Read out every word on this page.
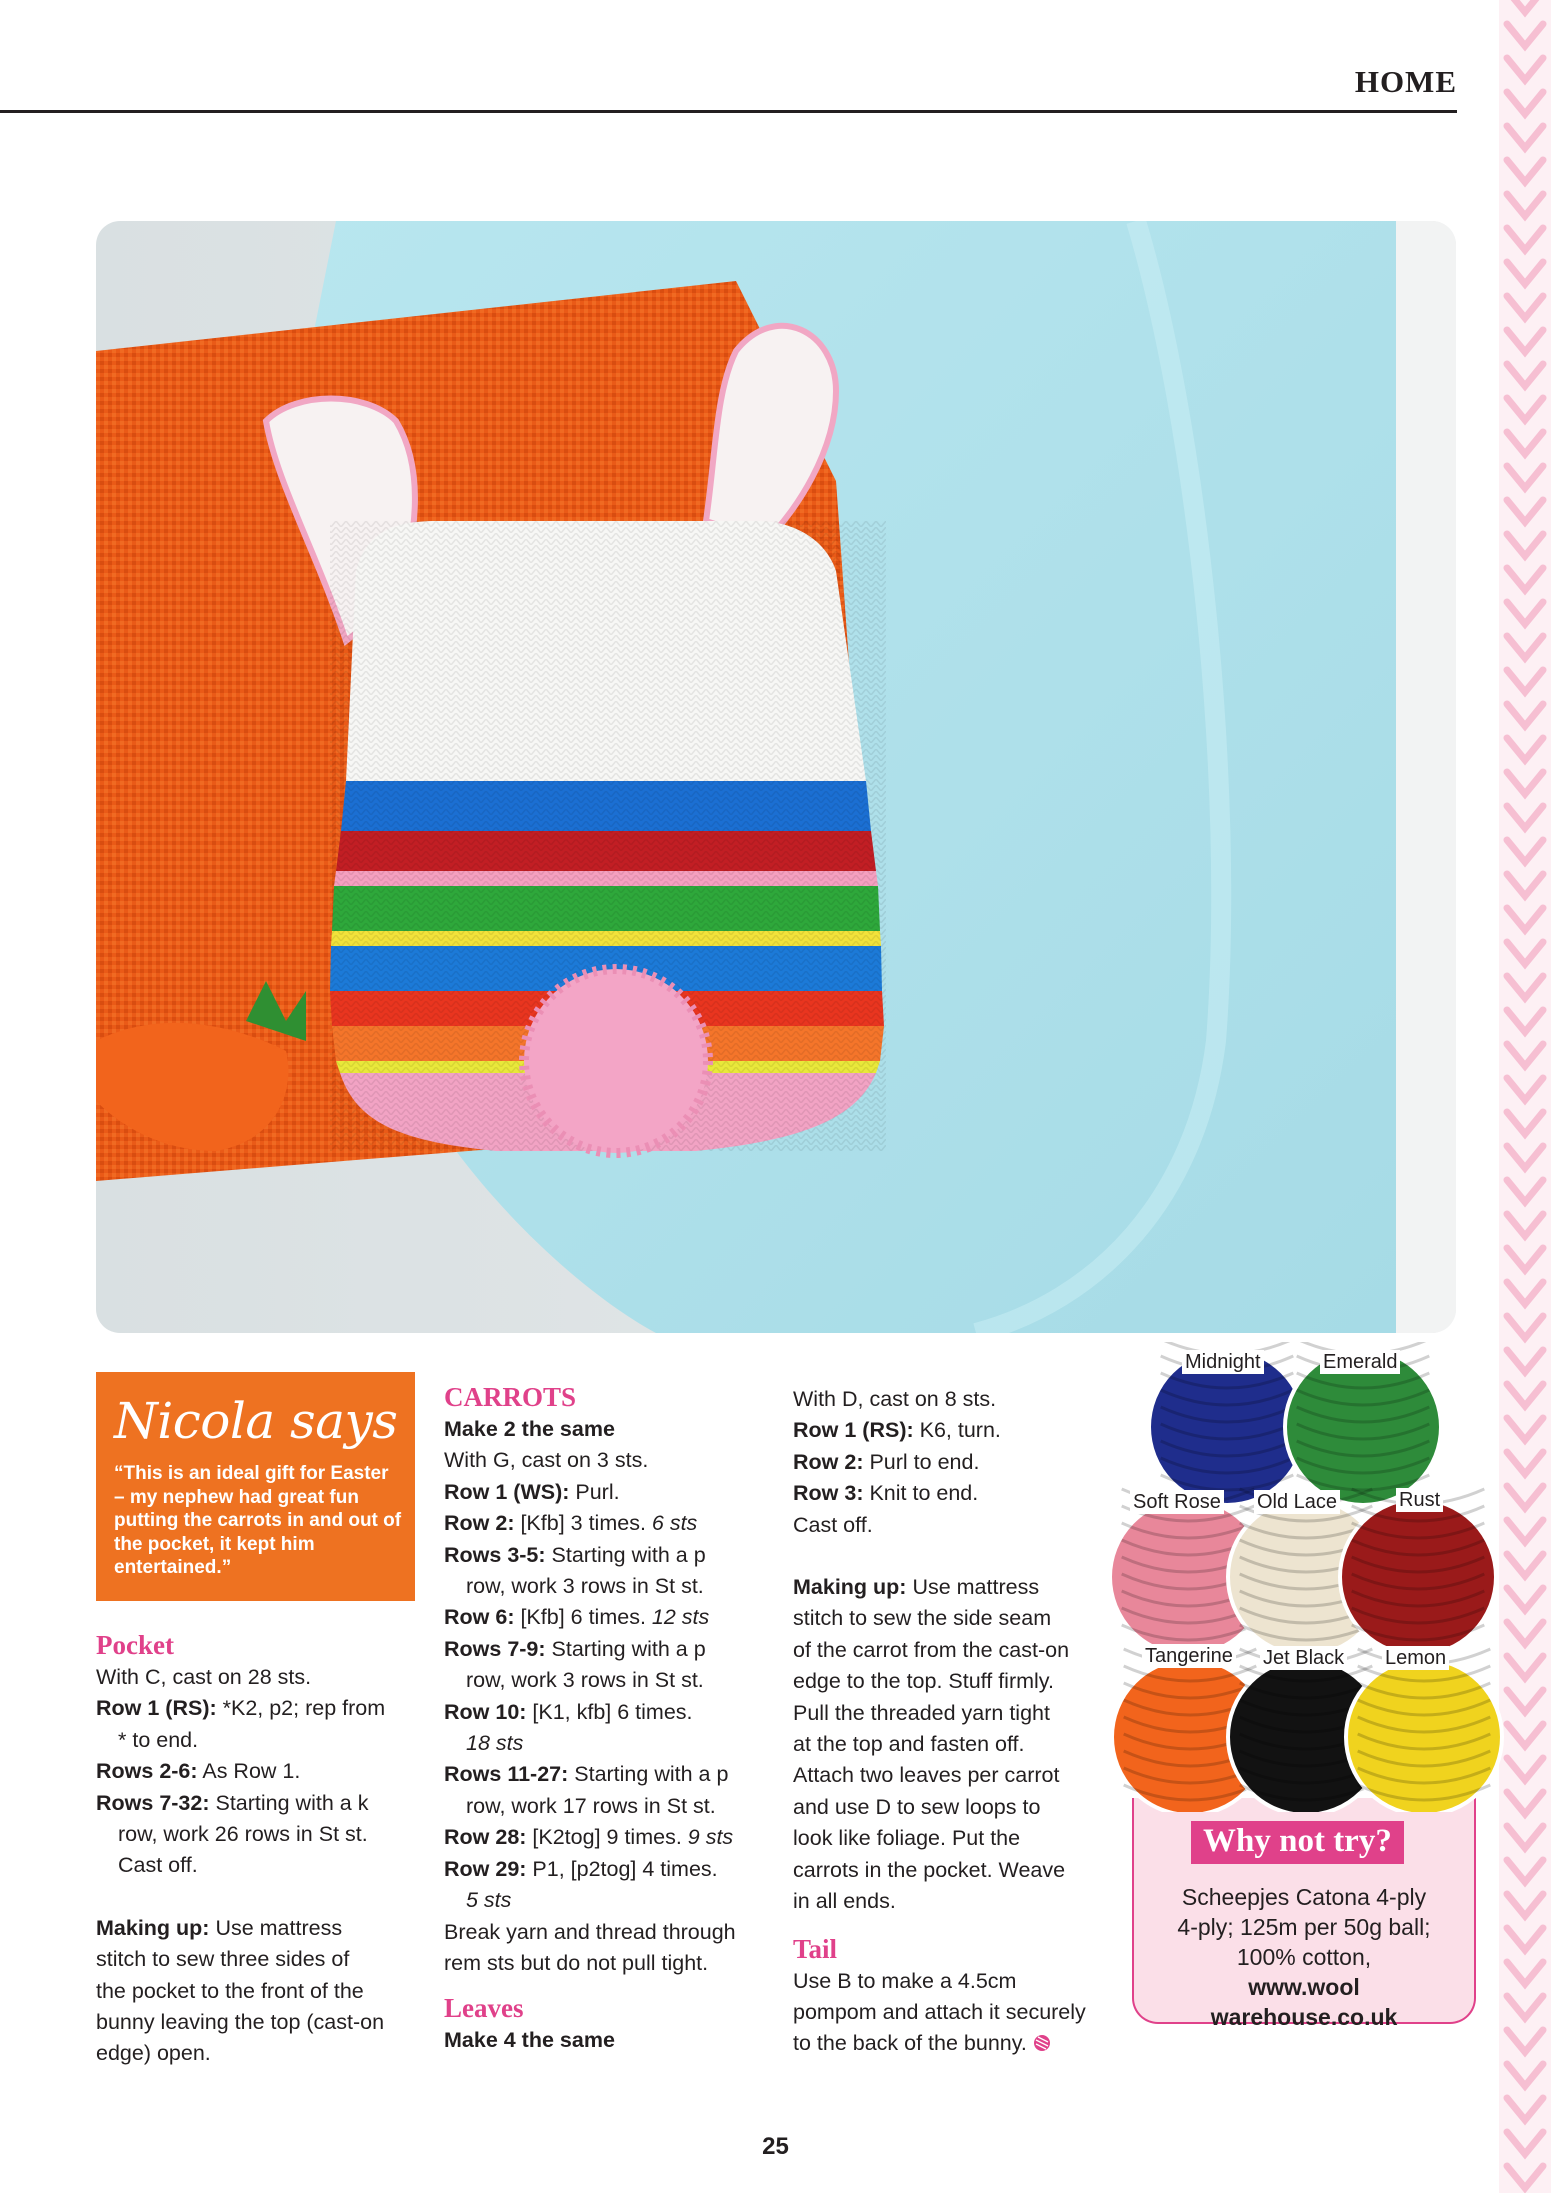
HOME
Nicola says
“This is an ideal gift for Easter – my nephew had great fun putting the carrots in and out of the pocket, it kept him entertained.”

Pocket

With C, cast on 28 sts.

Row 1 (RS): *K2, p2; rep from

* to end.

Rows 2-6: As Row 1.

Rows 7-32: Starting with a k

row, work 26 rows in St st.

Cast off.

Making up: Use mattress

stitch to sew three sides of

the pocket to the front of the

bunny leaving the top (cast-on

edge) open.

CARROTS

Make 2 the same

With G, cast on 3 sts.

Row 1 (WS): Purl.

Row 2: [Kfb] 3 times. 6 sts

Rows 3-5: Starting with a p

row, work 3 rows in St st.

Row 6: [Kfb] 6 times. 12 sts

Rows 7-9: Starting with a p

row, work 3 rows in St st.

Row 10: [K1, kfb] 6 times.

18 sts

Rows 11-27: Starting with a p

row, work 17 rows in St st.

Row 28: [K2tog] 9 times. 9 sts

Row 29: P1, [p2tog] 4 times.

5 sts

Break yarn and thread through

rem sts but do not pull tight.

Leaves

Make 4 the same

With D, cast on 8 sts.

Row 1 (RS): K6, turn.

Row 2: Purl to end.

Row 3: Knit to end.

Cast off.

Making up: Use mattress

stitch to sew the side seam

of the carrot from the cast-on

edge to the top. Stuff firmly.

Pull the threaded yarn tight

at the top and fasten off.

Attach two leaves per carrot

and use D to sew loops to

look like foliage. Put the

carrots in the pocket. Weave

in all ends.

Tail

Use B to make a 4.5cm

pompom and attach it securely

to the back of the bunny.

Why not try?
Scheepjes Catona 4-ply
4-ply; 125m per 50g ball;
100% cotton,
www.wool
warehouse.co.uk
Midnight	Emerald
Soft Rose Old Lace	Rust
Tangerine Jet Black Lemon
25
